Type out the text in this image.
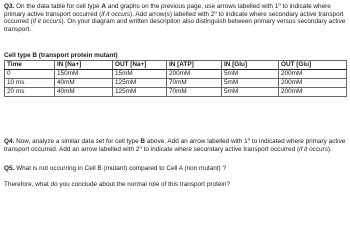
Q3. On the data table for cell type A and graphs on the previous page, use arrows labelled with 1$^o$ to indicate where primary active transport occurred (if it occurs). Add arrow(s) labelled with 2$^o$ to indicate where secondary active transport occurred (if it occurs). On your diagram and written description also distinguish between primary versus secondary active transport.

Cell type B (transport protein mutant)
Time	IN [Na+]	OUT [Na+]	IN [ATP]	IN [Glu]	OUT [Glu]
0	150mM	15mM	200mM	5mM	200mM
10 ms	40mM	125mM	70mM	5mM	200mM
20 ms	40mM	125mM	70mM	5mM	200mM

Q4. Now, analyze a similar data set for cell type B above. Add an arrow labelled with 1$^o$ to indicated where primary active transport occurred. Add an arrow labelled with 2$^o$ to indicate where secondary active transport occurred (if it occurs).

Q5. What is not occurring in Cell B (mutant) compared to Cell A (non mutant) ?

Therefore, what do you conclude about the normal role of this transport protein?
